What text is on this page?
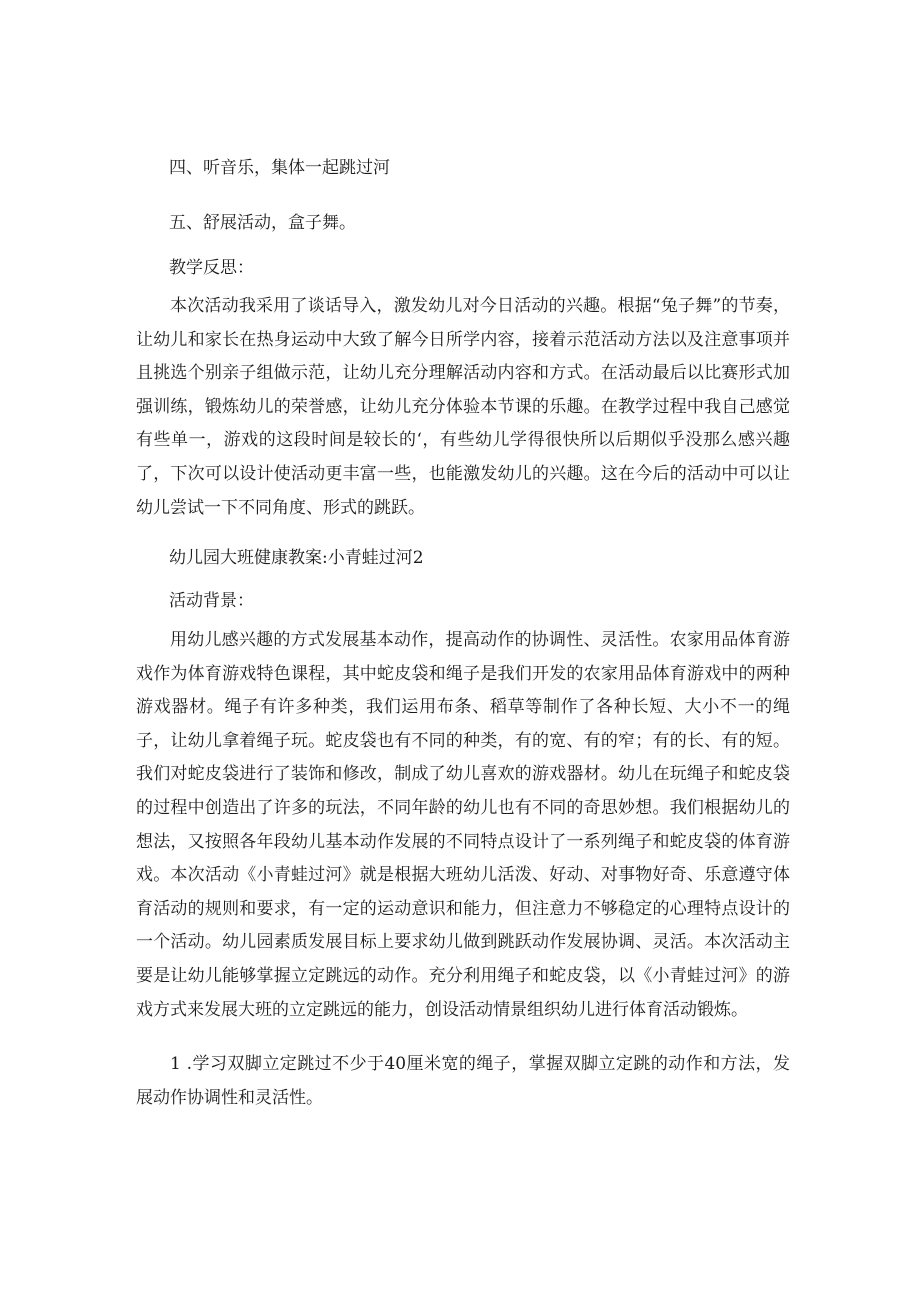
四、听音乐，集体一起跳过河

五、舒展活动，盒子舞。

教学反思：

本次活动我采用了谈话导入，激发幼儿对今日活动的兴趣。根据“兔子舞”的节奏，让幼儿和家长在热身运动中大致了解今日所学内容，接着示范活动方法以及注意事项并且挑选个别亲子组做示范，让幼儿充分理解活动内容和方式。在活动最后以比赛形式加强训练，锻炼幼儿的荣誉感，让幼儿充分体验本节课的乐趣。在教学过程中我自己感觉有些单一，游戏的这段时间是较长的‘，有些幼儿学得很快所以后期似乎没那么感兴趣了，下次可以设计使活动更丰富一些，也能激发幼儿的兴趣。这在今后的活动中可以让幼儿尝试一下不同角度、形式的跳跃。

幼儿园大班健康教案:小青蛙过河2

活动背景：

用幼儿感兴趣的方式发展基本动作，提高动作的协调性、灵活性。农家用品体育游戏作为体育游戏特色课程，其中蛇皮袋和绳子是我们开发的农家用品体育游戏中的两种游戏器材。绳子有许多种类，我们运用布条、稻草等制作了各种长短、大小不一的绳子，让幼儿拿着绳子玩。蛇皮袋也有不同的种类，有的宽、有的窄；有的长、有的短。我们对蛇皮袋进行了装饰和修改，制成了幼儿喜欢的游戏器材。幼儿在玩绳子和蛇皮袋的过程中创造出了许多的玩法，不同年龄的幼儿也有不同的奇思妙想。我们根据幼儿的想法，又按照各年段幼儿基本动作发展的不同特点设计了一系列绳子和蛇皮袋的体育游戏。本次活动《小青蛙过河》就是根据大班幼儿活泼、好动、对事物好奇、乐意遵守体育活动的规则和要求，有一定的运动意识和能力，但注意力不够稳定的心理特点设计的一个活动。幼儿园素质发展目标上要求幼儿做到跳跃动作发展协调、灵活。本次活动主要是让幼儿能够掌握立定跳远的动作。充分利用绳子和蛇皮袋，以《小青蛙过河》的游戏方式来发展大班的立定跳远的能力，创设活动情景组织幼儿进行体育活动锻炼。

1 .学习双脚立定跳过不少于40厘米宽的绳子，掌握双脚立定跳的动作和方法，发展动作协调性和灵活性。
